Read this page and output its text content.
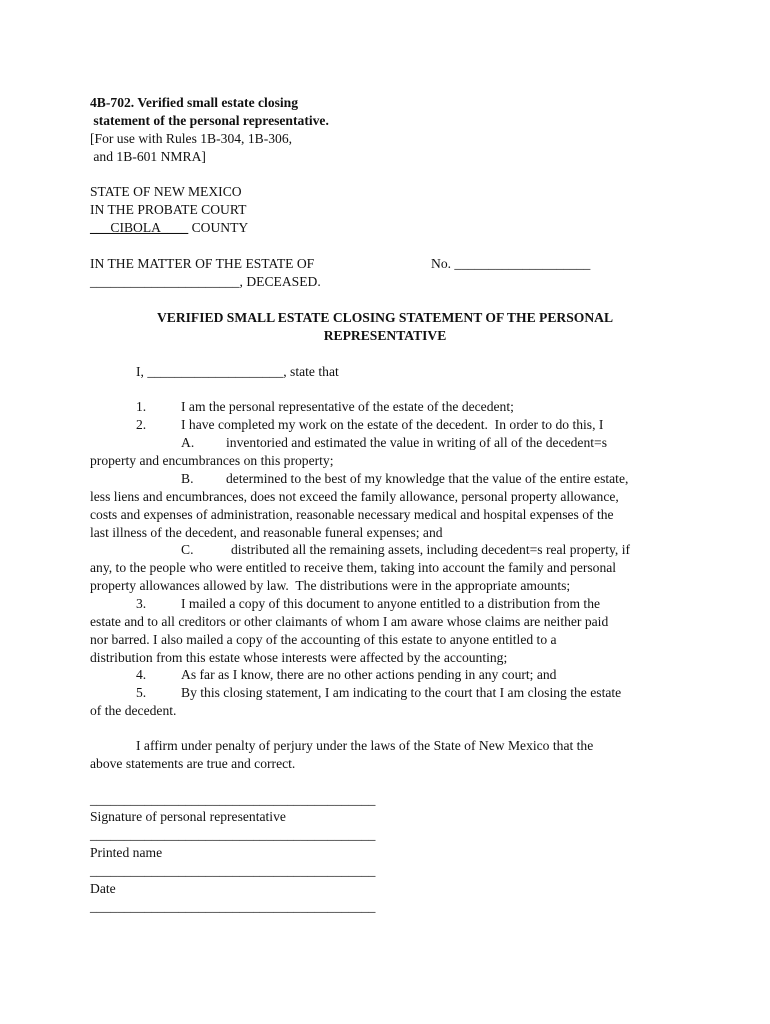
4B-702. Verified small estate closing
statement of the personal representative.
[For use with Rules 1B-304, 1B-306,
and 1B-601 NMRA]
STATE OF NEW MEXICO
IN THE PROBATE COURT
___CIBOLA____ COUNTY
IN THE MATTER OF THE ESTATE OF
______________________, DECEASED.
No. ____________________
VERIFIED SMALL ESTATE CLOSING STATEMENT OF THE PERSONAL
REPRESENTATIVE
I, ____________________, state that
1.	I am the personal representative of the estate of the decedent;
2.	I have completed my work on the estate of the decedent.  In order to do this, I
A. inventoried and estimated the value in writing of all of the decedent=s
property and encumbrances on this property;
B. determined to the best of my knowledge that the value of the entire estate,
less liens and encumbrances, does not exceed the family allowance, personal property allowance,
costs and expenses of administration, reasonable necessary medical and hospital expenses of the
last illness of the decedent, and reasonable funeral expenses; and
C.	distributed all the remaining assets, including decedent=s real property, if
any, to the people who were entitled to receive them, taking into account the family and personal
property allowances allowed by law.  The distributions were in the appropriate amounts;
3.	I mailed a copy of this document to anyone entitled to a distribution from the
estate and to all creditors or other claimants of whom I am aware whose claims are neither paid
nor barred. I also mailed a copy of the accounting of this estate to anyone entitled to a
distribution from this estate whose interests were affected by the accounting;
4.	As far as I know, there are no other actions pending in any court; and
5.	By this closing statement, I am indicating to the court that I am closing the estate
of the decedent.
I affirm under penalty of perjury under the laws of the State of New Mexico that the
above statements are true and correct.
__________________________________________
Signature of personal representative
__________________________________________
Printed name
__________________________________________
Date
__________________________________________
